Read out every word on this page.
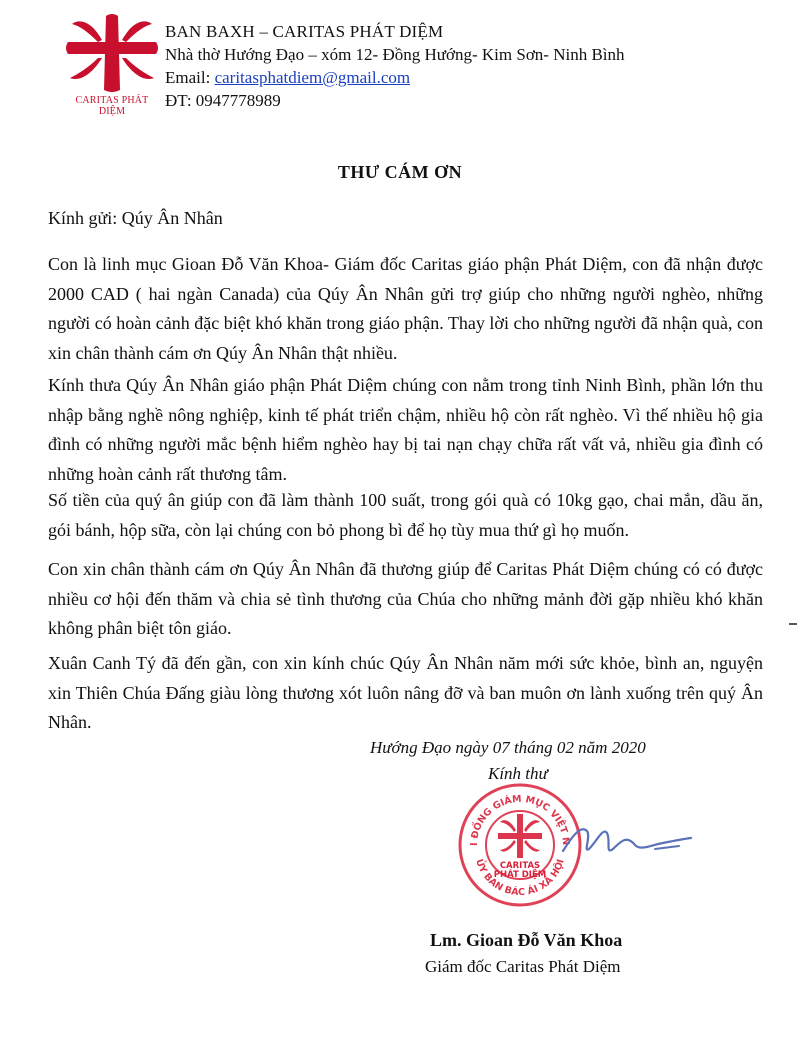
CARITAS PHÁT DIỆM
BAN BAXH – CARITAS PHÁT DIỆM
Nhà thờ Hướng Đạo – xóm 12- Đồng Hướng- Kim Sơn- Ninh Bình
Email: caritasphatdiem@gmail.com
ĐT: 0947778989
THƯ CÁM ƠN
Kính gửi: Qúy Ân Nhân

Con là linh mục Gioan Đỗ Văn Khoa- Giám đốc Caritas giáo phận Phát Diệm, con đã nhận được 2000 CAD ( hai ngàn Canada) của Qúy Ân Nhân gửi trợ giúp cho những người nghèo, những người có hoàn cảnh đặc biệt khó khăn trong giáo phận. Thay lời cho những người đã nhận quà, con xin chân thành cám ơn Qúy Ân Nhân thật nhiều.

Kính thưa Qúy Ân Nhân giáo phận Phát Diệm chúng con nằm trong tỉnh Ninh Bình, phần lớn thu nhập bằng nghề nông nghiệp, kinh tế phát triển chậm, nhiều hộ còn rất nghèo. Vì thế nhiều hộ gia đình có những người mắc bệnh hiểm nghèo hay bị tai nạn chạy chữa rất vất vả, nhiều gia đình có những hoàn cảnh rất thương tâm.

Số tiền của quý ân giúp con đã làm thành 100 suất, trong gói quà có 10kg gạo, chai mắn, dầu ăn, gói bánh, hộp sữa, còn lại chúng con bỏ phong bì để họ tùy mua thứ gì họ muốn.

Con xin chân thành cám ơn Qúy Ân Nhân đã thương giúp để Caritas Phát Diệm chúng có có được nhiều cơ hội đến thăm và chia sẻ tình thương của Chúa cho những mảnh đời gặp nhiều khó khăn không phân biệt tôn giáo.

Xuân Canh Tý đã đến gần, con xin kính chúc Qúy Ân Nhân năm mới sức khỏe, bình an, nguyện xin Thiên Chúa Đấng giàu lòng thương xót luôn nâng đỡ và ban muôn ơn lành xuống trên quý Ân Nhân.

Hướng Đạo ngày 07 tháng 02 năm 2020
Kính thư
I ĐỒNG GIÁM MỤC VIỆT N
ỦY BAN BÁC ÁI XÃ HỘI
CARITAS
PHÁT DIỆM
Lm. Gioan Đỗ Văn Khoa
Giám đốc Caritas Phát Diệm
